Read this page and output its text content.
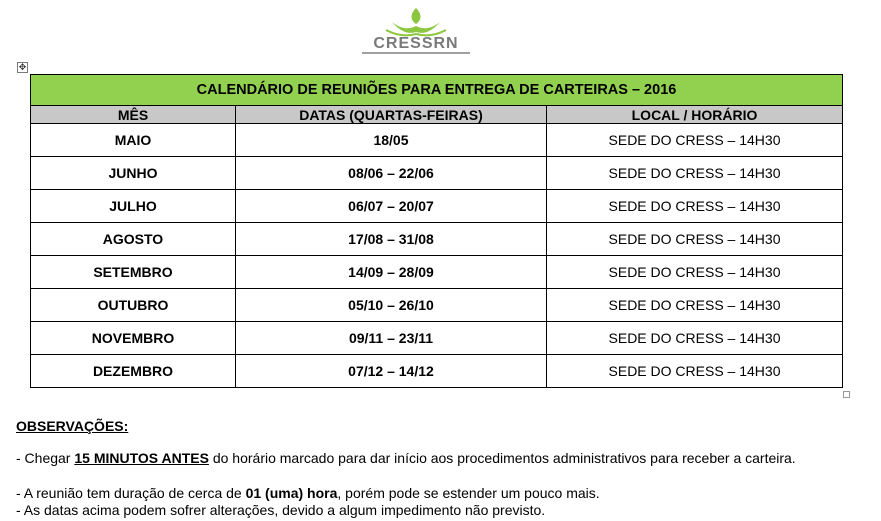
CRESSRN
✥
CALENDÁRIO DE REUNIÕES PARA ENTREGA DE CARTEIRAS – 2016		
MÊS	DATAS (QUARTAS-FEIRAS)	LOCAL / HORÁRIO
MAIO	18/05	SEDE DO CRESS – 14H30
JUNHO	08/06 – 22/06	SEDE DO CRESS – 14H30
JULHO	06/07 – 20/07	SEDE DO CRESS – 14H30
AGOSTO	17/08 – 31/08	SEDE DO CRESS – 14H30
SETEMBRO	14/09 – 28/09	SEDE DO CRESS – 14H30
OUTUBRO	05/10 – 26/10	SEDE DO CRESS – 14H30
NOVEMBRO	09/11 – 23/11	SEDE DO CRESS – 14H30
DEZEMBRO	07/12 – 14/12	SEDE DO CRESS – 14H30
OBSERVAÇÕES:
- Chegar 15 MINUTOS ANTES do horário marcado para dar início aos procedimentos administrativos para receber a carteira.
- A reunião tem duração de cerca de 01 (uma) hora, porém pode se estender um pouco mais.
- As datas acima podem sofrer alterações, devido a algum impedimento não previsto.
